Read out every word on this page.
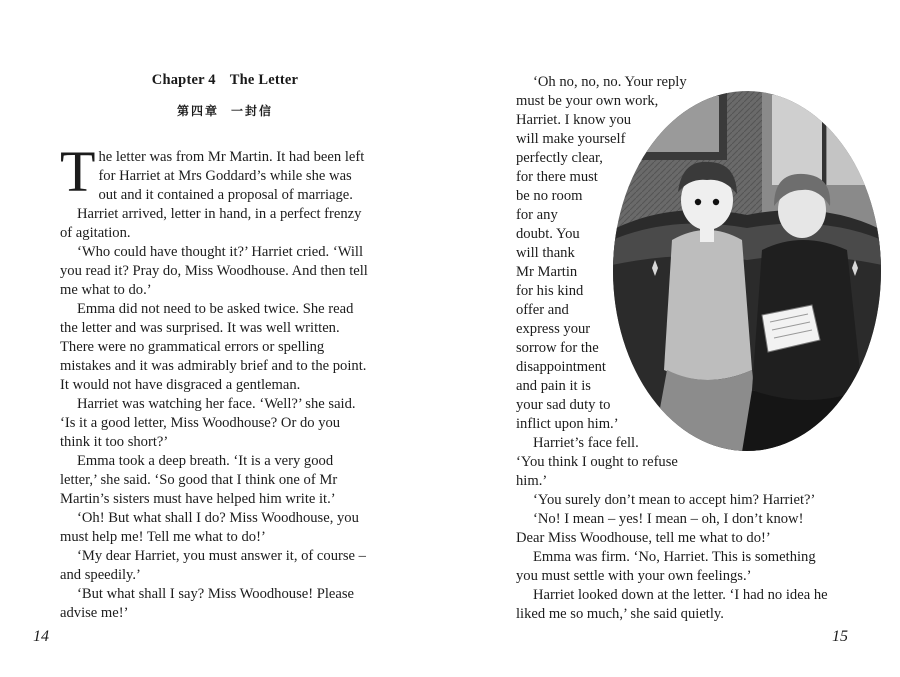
Chapter 4 The Letter
第四章 一封信

The letter was from Mr Martin. It had been left for Harriet at Mrs Goddard’s while she was out and it contained a proposal of marriage.

Harriet arrived, letter in hand, in a perfect frenzy of agitation.

‘Who could have thought it?’ Harriet cried. ‘Will you read it? Pray do, Miss Woodhouse. And then tell me what to do.’

Emma did not need to be asked twice. She read the letter and was surprised. It was well written. There were no grammatical errors or spelling mistakes and it was admirably brief and to the point. It would not have disgraced a gentleman.

Harriet was watching her face. ‘Well?’ she said. ‘Is it a good letter, Miss Woodhouse? Or do you think it too short?’

Emma took a deep breath. ‘It is a very good letter,’ she said. ‘So good that I think one of Mr Martin’s sisters must have helped him write it.’

‘Oh! But what shall I do? Miss Woodhouse, you must help me! Tell me what to do!’

‘My dear Harriet, you must answer it, of course – and speedily.’

‘But what shall I say? Miss Woodhouse! Please advise me!’

14

‘Oh no, no, no. Your reply

must be your own work,

Harriet. I know you

will make yourself

perfectly clear,

for there must

be no room

for any

doubt. You

will thank

Mr Martin

for his kind

offer and

express your

sorrow for the

disappointment

and pain it is

your sad duty to

inflict upon him.’

Harriet’s face fell.

‘You think I ought to refuse

him.’

‘You surely don’t mean to accept him? Harriet?’

‘No! I mean – yes! I mean – oh, I don’t know! Dear Miss Woodhouse, tell me what to do!’

Emma was firm. ‘No, Harriet. This is something you must settle with your own feelings.’

Harriet looked down at the letter. ‘I had no idea he liked me so much,’ she said quietly.

15
